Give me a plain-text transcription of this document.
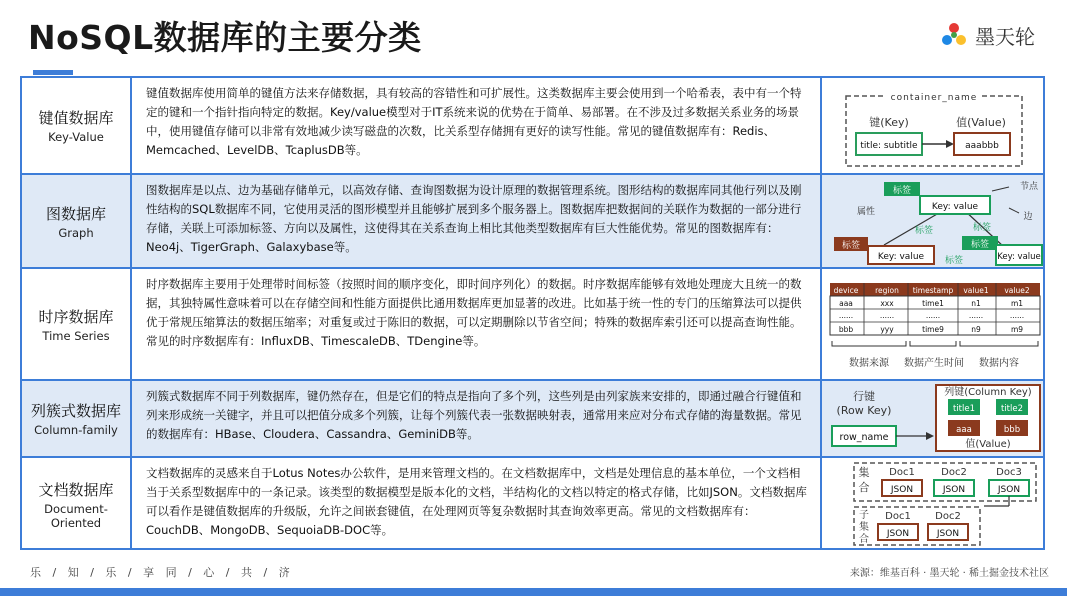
NoSQL数据库的主要分类	墨天轮
键值数据库
Key-Value
键值数据库使用简单的键值方法来存储数据，具有较高的容错性和可扩展性。这类数据库主要会使用到一个哈希表，表中有一个特定的键和一个指针指向特定的数据。Key/value模型对于IT系统来说的优势在于简单、易部署。在不涉及过多数据关系业务的场景中，使用键值存储可以非常有效地减少读写磁盘的次数，比关系型存储拥有更好的读写性能。常见的键值数据库有：Redis、Memcached、LevelDB、TcaplusDB等。
container_name
键(Key)	值(Value)
title: subtitle	aaabbb
图数据库
Graph
图数据库是以点、边为基础存储单元，以高效存储、查询图数据为设计原理的数据管理系统。图形结构的数据库同其他行列以及刚性结构的SQL数据库不同，它使用灵活的图形模型并且能够扩展到多个服务器上。图数据库把数据间的关联作为数据的一部分进行存储，关联上可添加标签、方向以及属性，这使得其在关系查询上相比其他类型数据库有巨大性能优势。常见的图数据库有： Neo4j、TigerGraph、Galaxybase等。
标签
Key: value
节点
属性	边
标签	标签
标签
Key: value
标签
Key: value
标签
时序数据库
Time Series
时序数据库主要用于处理带时间标签（按照时间的顺序变化，即时间序列化）的数据。时序数据库能够有效地处理庞大且统一的数据，其独特属性意味着可以在存储空间和性能方面提供比通用数据库更加显著的改进。比如基于统一性的专门的压缩算法可以提供优于常规压缩算法的数据压缩率；对重复或过于陈旧的数据，可以定期删除以节省空间；特殊的数据库索引还可以提高查询性能。常见的时序数据库有：InfluxDB、TimescaleDB、TDengine等。
device region timestamp value1 value2
aaa	xxx	time1	n1	m1
......	......	......	......	......
bbb	yyy	time9	n9	m9
数据来源 数据产生时间 数据内容
列簇式数据库
Column-family
列簇式数据库不同于列数据库，键仍然存在，但是它们的特点是指向了多个列，这些列是由列家族来安排的，即通过融合行键值和列来形成统一关键字，并且可以把值分成多个列簇，让每个列簇代表一张数据映射表，通常用来应对分布式存储的海量数据。常见的数据库有：HBase、Cloudera、Cassandra、GeminiDB等。
行键
(Row Key)
row_name
列键(Column Key)
title1	title2
aaa	bbb
值(Value)
文档数据库
Document-Oriented
文档数据库的灵感来自于Lotus Notes办公软件，是用来管理文档的。在文档数据库中，文档是处理信息的基本单位，一个文档相当于关系型数据库中的一条记录。该类型的数据模型是版本化的文档，半结构化的文档以特定的格式存储，比如JSON。文档数据库可以看作是键值数据库的升级版，允许之间嵌套键值，在处理网页等复杂数据时其查询效率更高。常见的文档数据库有：CouchDB、MongoDB、SequoiaDB-DOC等。
集
合
Doc1	Doc2	Doc3
JSON	JSON	JSON
子
集
合
Doc1 Doc2
JSON	JSON
乐 / 知 / 乐 / 享 同 / 心 / 共 / 济	来源：维基百科 · 墨天轮 · 稀土掘金技术社区
